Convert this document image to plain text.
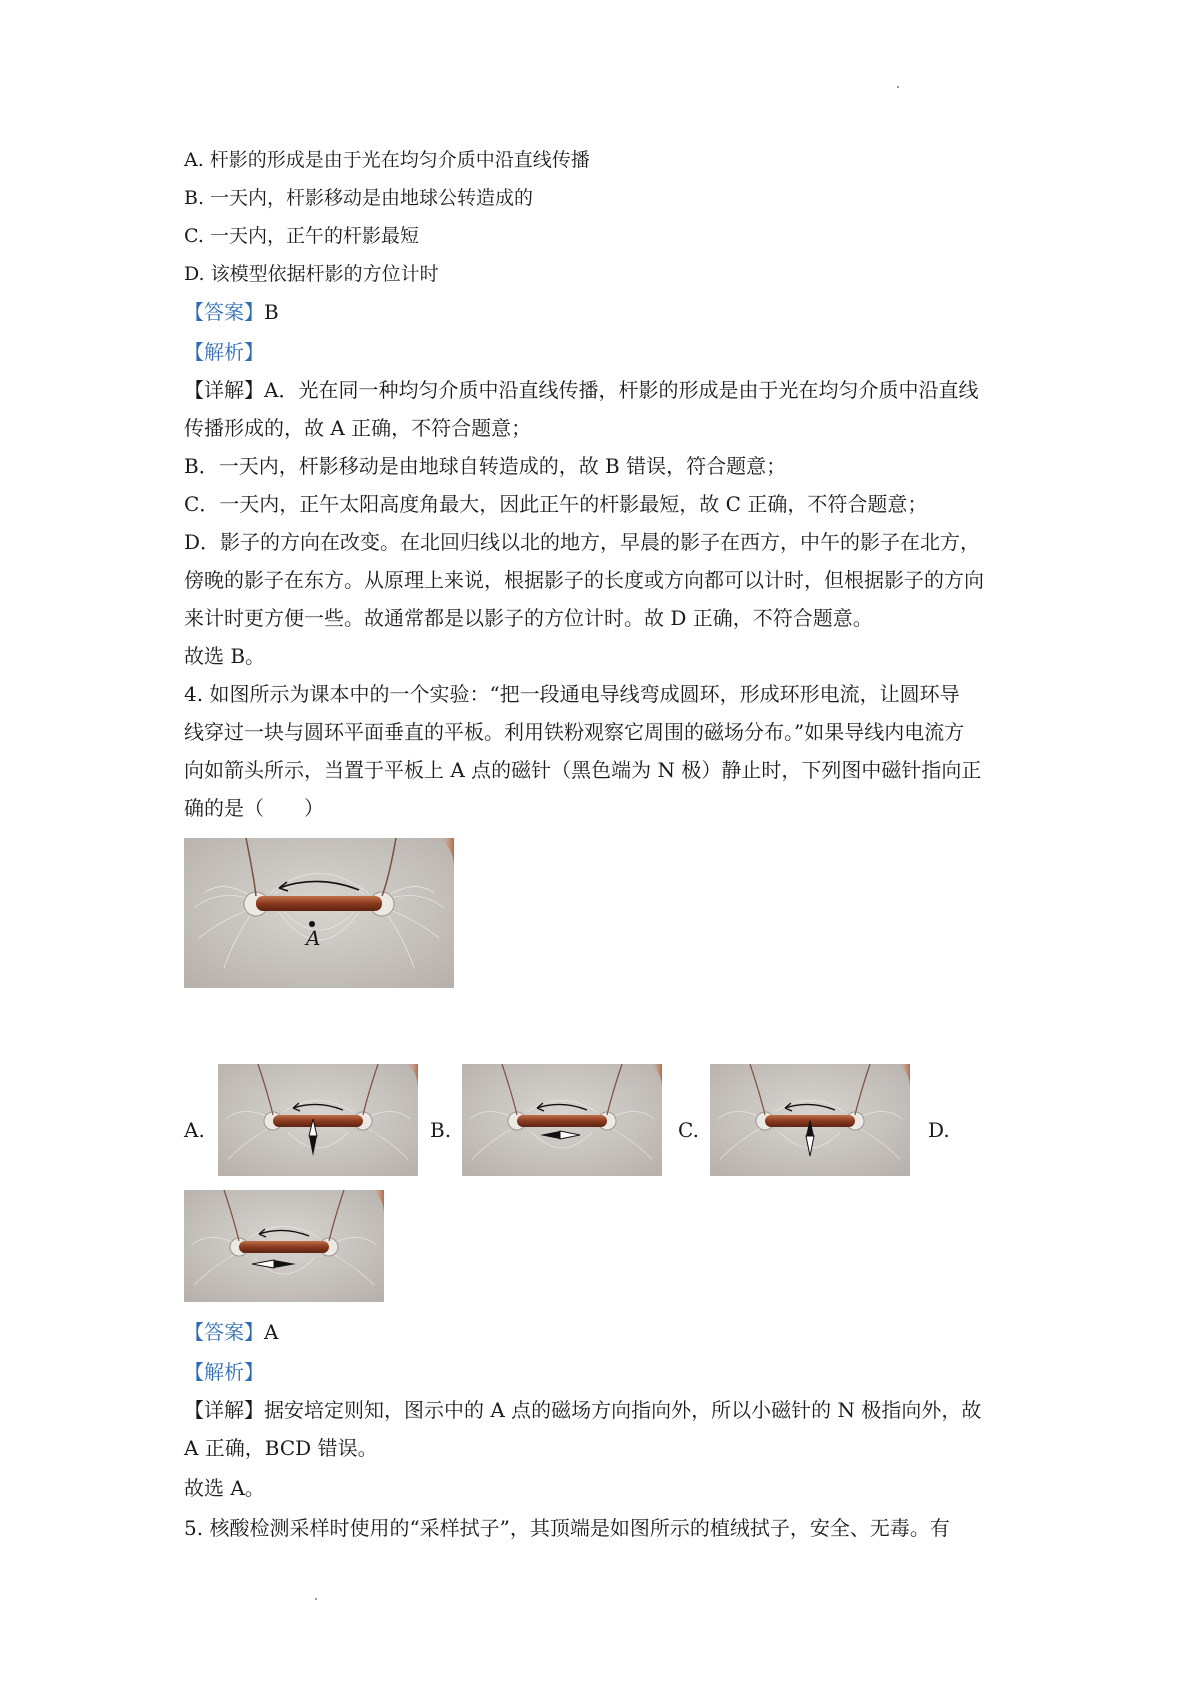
A. 杆影的形成是由于光在均匀介质中沿直线传播
B. 一天内，杆影移动是由地球公转造成的
C. 一天内，正午的杆影最短
D. 该模型依据杆影的方位计时
【答案】B
【解析】
【详解】A．光在同一种均匀介质中沿直线传播，杆影的形成是由于光在均匀介质中沿直线
传播形成的，故 A 正确，不符合题意；
B．一天内，杆影移动是由地球自转造成的，故 B 错误，符合题意；
C．一天内，正午太阳高度角最大，因此正午的杆影最短，故 C 正确，不符合题意；
D．影子的方向在改变。在北回归线以北的地方，早晨的影子在西方，中午的影子在北方，
傍晚的影子在东方。从原理上来说，根据影子的长度或方向都可以计时，但根据影子的方向
来计时更方便一些。故通常都是以影子的方位计时。故 D 正确，不符合题意。
故选 B。
4. 如图所示为课本中的一个实验：“把一段通电导线弯成圆环，形成环形电流，让圆环导
线穿过一块与圆环平面垂直的平板。利用铁粉观察它周围的磁场分布。”如果导线内电流方
向如箭头所示，当置于平板上 A 点的磁针（黑色端为 N 极）静止时，下列图中磁针指向正
确的是（　　）
A
A.	B.	C.	D.
【答案】A
【解析】
【详解】据安培定则知，图示中的 A 点的磁场方向指向外，所以小磁针的 N 极指向外，故
A 正确，BCD 错误。
故选 A。
5. 核酸检测采样时使用的“采样拭子”，其顶端是如图所示的植绒拭子，安全、无毒。有
